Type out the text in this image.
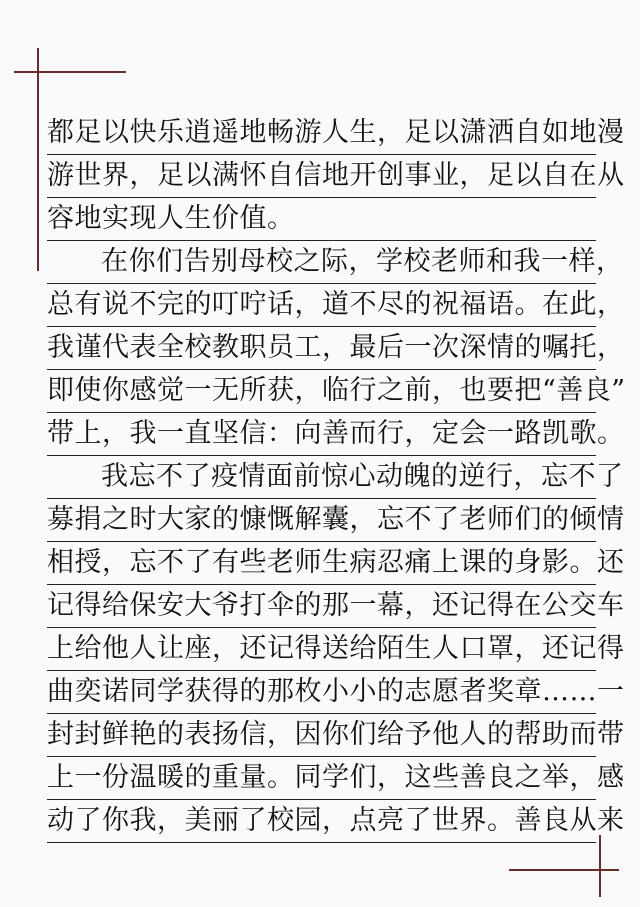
都足以快乐逍遥地畅游人生，足以潇洒自如地漫
游世界，足以满怀自信地开创事业，足以自在从
容地实现人生价值。
在你们告别母校之际，学校老师和我一样，
总有说不完的叮咛话，道不尽的祝福语。在此，
我谨代表全校教职员工，最后一次深情的嘱托，
即使你感觉一无所获，临行之前，也要把“善良”
带上，我一直坚信：向善而行，定会一路凯歌。
我忘不了疫情面前惊心动魄的逆行，忘不了
募捐之时大家的慷慨解囊，忘不了老师们的倾情
相授，忘不了有些老师生病忍痛上课的身影。还
记得给保安大爷打伞的那一幕，还记得在公交车
上给他人让座，还记得送给陌生人口罩，还记得
曲奕诺同学获得的那枚小小的志愿者奖章……一
封封鲜艳的表扬信，因你们给予他人的帮助而带
上一份温暖的重量。同学们，这些善良之举，感
动了你我，美丽了校园，点亮了世界。善良从来
